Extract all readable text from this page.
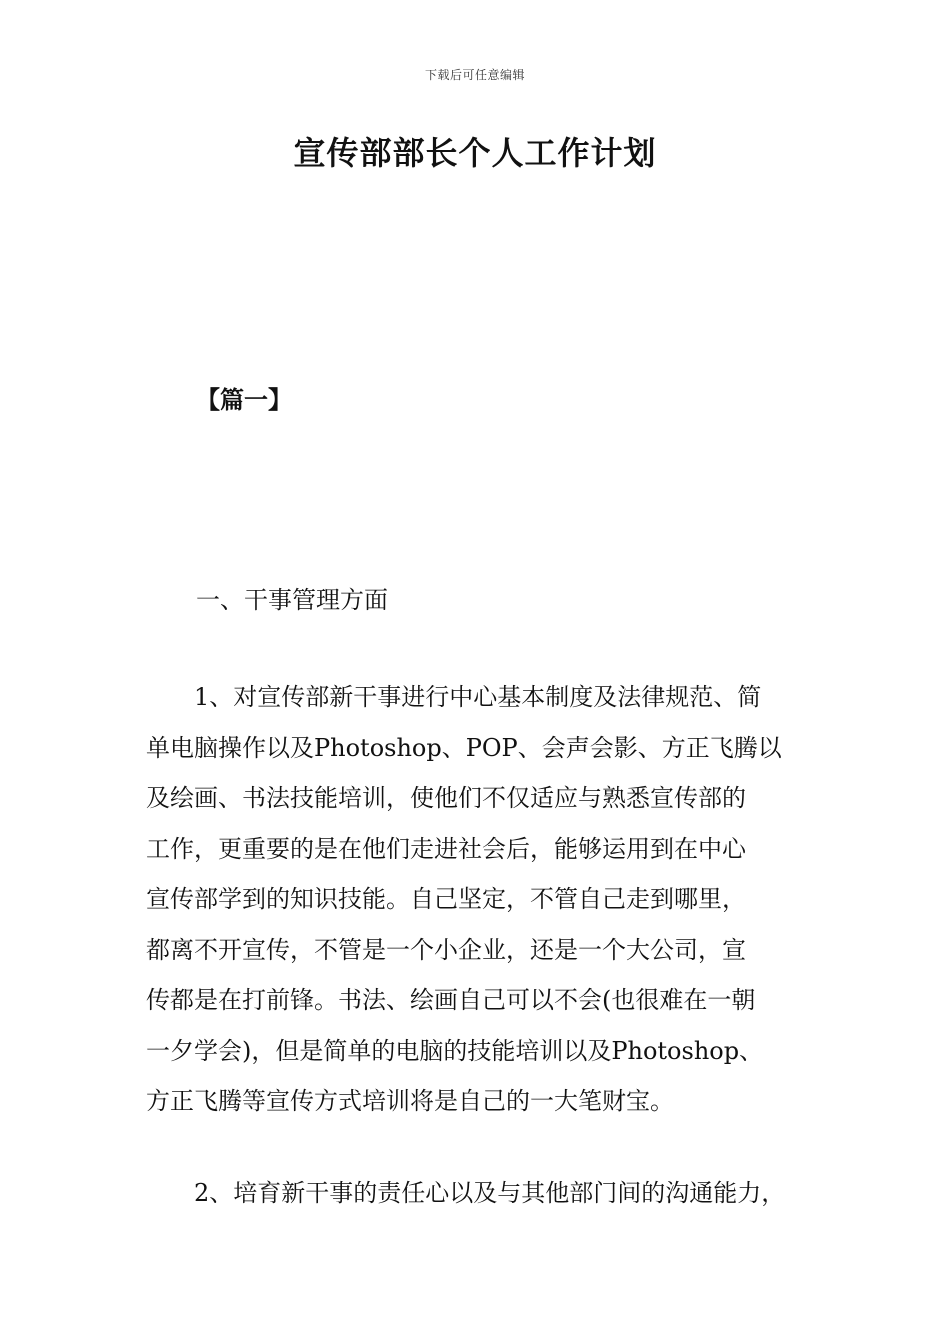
下载后可任意编辑
宣传部部长个人工作计划
【篇一】
一、干事管理方面

1、对宣传部新干事进行中心基本制度及法律规范、简
单电脑操作以及Photoshop、POP、会声会影、方正飞腾以
及绘画、书法技能培训，使他们不仅适应与熟悉宣传部的
工作，更重要的是在他们走进社会后，能够运用到在中心
宣传部学到的知识技能。自己坚定，不管自己走到哪里，
都离不开宣传，不管是一个小企业，还是一个大公司，宣
传都是在打前锋。书法、绘画自己可以不会(也很难在一朝
一夕学会)，但是简单的电脑的技能培训以及Photoshop、
方正飞腾等宣传方式培训将是自己的一大笔财宝。

2、培育新干事的责任心以及与其他部门间的沟通能力，
